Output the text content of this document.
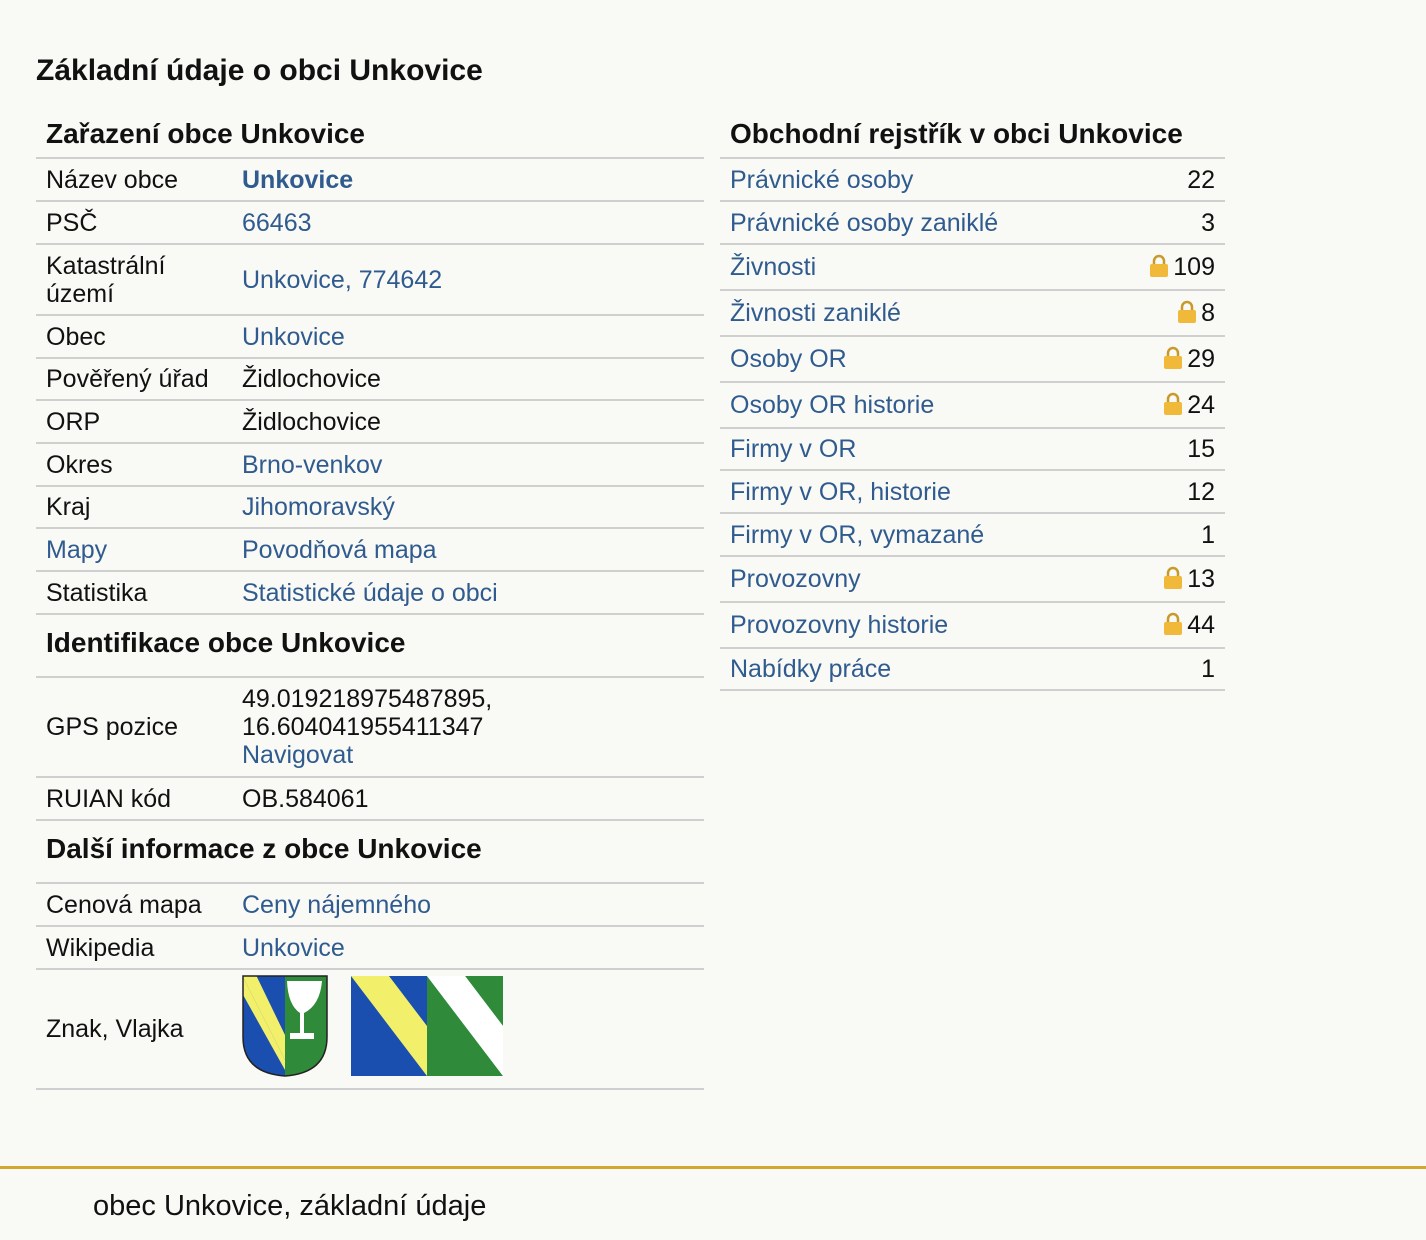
Základní údaje o obci Unkovice
Zařazení obce Unkovice
Název obce	Unkovice
PSČ	66463
Katastrální území	Unkovice, 774642
Obec	Unkovice
Pověřený úřad	Židlochovice
ORP	Židlochovice
Okres	Brno-venkov
Kraj	Jihomoravský
Mapy	Povodňová mapa
Statistika	Statistické údaje o obci
Identifikace obce Unkovice
GPS pozice	49.019218975487895,
16.604041955411347
Navigovat
RUIAN kód	OB.584061
Další informace z obce Unkovice
Cenová mapa	Ceny nájemného
Wikipedia	Unkovice
Znak, Vlajka	
Obchodní rejstřík v obci Unkovice
Právnické osoby	22
Právnické osoby zaniklé	3
Živnosti	109
Živnosti zaniklé	8
Osoby OR	29
Osoby OR historie	24
Firmy v OR	15
Firmy v OR, historie	12
Firmy v OR, vymazané	1
Provozovny	13
Provozovny historie	44
Nabídky práce	1
obec Unkovice, základní údaje
